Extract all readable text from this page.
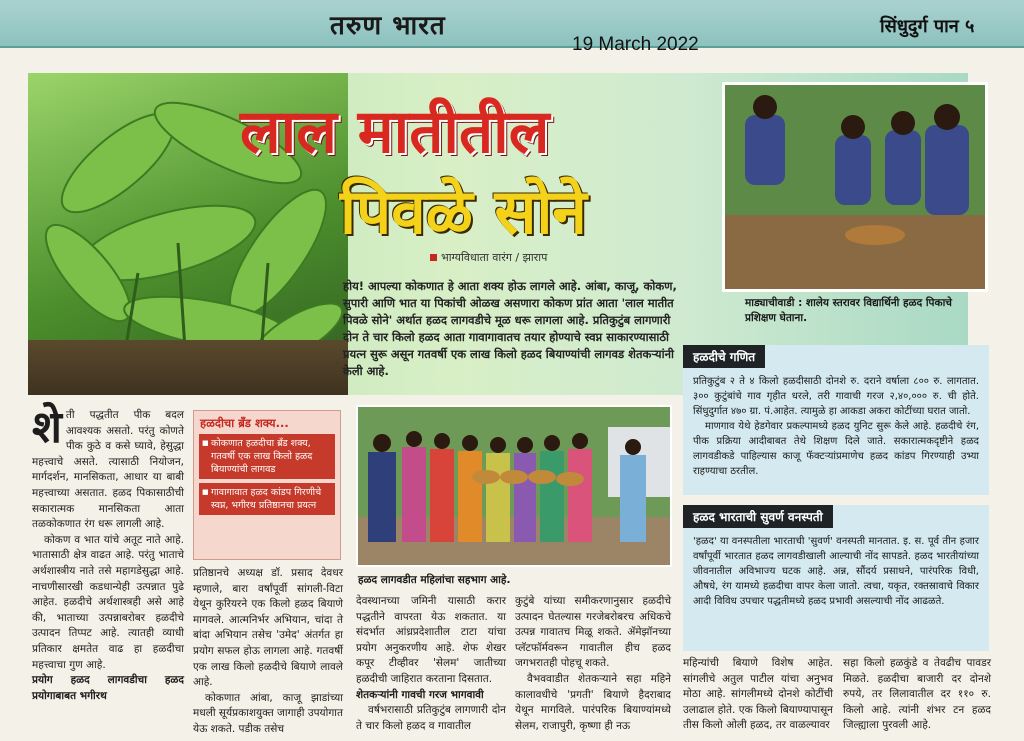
तरुण भारत
19 March 2022
सिंधुदुर्ग पान ५
लाल मातीतील
पिवळे सोने
भाग्यविधाता वारंग / झाराप
होय! आपल्या कोकणात हे आता शक्य होऊ लागले आहे. आंबा, काजू, कोकण, सुपारी आणि भात या पिकांची ओळख असणारा कोकण प्रांत आता 'लाल मातीत पिवळे सोने' अर्थात हळद लागवडीचे मूळ धरू लागला आहे. प्रतिकुटुंब लागणारी दोन ते चार किलो हळद आता गावागावातच तयार होण्याचे स्वप्न साकारण्यासाठी प्रयत्न सुरू असून गतवर्षी एक लाख किलो हळद बियाण्यांची लागवड शेतकऱ्यांनी केली आहे.
माड्याचीवाडी : शालेय स्तरावर विद्यार्थिनी हळद पिकाचे प्रशिक्षण घेताना.
शे ती पद्धतीत पीक बदल आवश्यक असतो. परंतु कोणते पीक कुठे व कसे घ्यावे, हेसुद्धा महत्त्वाचे असते. त्यासाठी नियोजन, मार्गदर्शन, मानसिकता, आधार या बाबी महत्त्वाच्या असतात. हळद पिकासाठीची सकारात्मक मानसिकता आता तळकोकणात रंग धरू लागली आहे.

कोकण व भात यांचे अतूट नाते आहे. भातासाठी क्षेत्र वाढत आहे. परंतु भाताचे अर्थशास्त्रीय नाते तसे महागडेसुद्धा आहे. नाचणीसारखी कडधान्येही उत्पन्नात पुढे आहेत. हळदीचे अर्थशास्त्रही असे आहे की, भाताच्या उत्पन्नाबरोबर हळदीचे उत्पादन तिप्पट आहे. त्यातही व्याधी प्रतिकार क्षमतेत वाढ हा हळदीचा महत्त्वाचा गुण आहे.

प्रयोग हळद लागवडीचा हळद प्रयोगाबाबत भगीरथ

हळदीचा ब्रँड शक्य...
■ कोकणात हळदीचा ब्रँड शक्य, गतवर्षी एक लाख किलो हळद बियाण्यांची लागवड
■ गावागावात हळद कांडप गिरणीचे स्वप्न, भगीरथ प्रतिष्ठानचा प्रयत्न

प्रतिष्ठानचे अध्यक्ष डॉ. प्रसाद देवधर म्हणाले, बारा वर्षांपूर्वी सांगली-विटा येथून कुरियरने एक किलो हळद बियाणे मागवले. आत्मनिर्भर अभियान, चांदा ते बांदा अभियान तसेच 'उमेद' अंतर्गत हा प्रयोग सफल होऊ लागला आहे. गतवर्षी एक लाख किलो हळदीचे बियाणे लावले आहे.

कोकणात आंबा, काजू झाडांच्या मधली सूर्यप्रकाशयुक्त जागाही उपयोगात येऊ शकते. पडीक तसेच

हळद लागवडीत महिलांचा सहभाग आहे.

देवस्थानच्या जमिनी यासाठी करार पद्धतीने वापरता येऊ शकतात. या संदर्भात आंध्रप्रदेशातील टाटा यांचा प्रयोग अनुकरणीय आहे. शेफ शेखर कपूर टीव्हीवर 'सेलम' जातीच्या हळदीची जाहिरात करताना दिसतात.

शेतकऱ्यांनी गावची गरज भागवावी

वर्षभरासाठी प्रतिकुटुंब लागणारी दोन ते चार किलो हळद व गावातील

कुटुंबे यांच्या समीकरणानुसार हळदीचे उत्पादन घेतल्यास गरजेबरोबरच अधिकचे उत्पन्न गावातच मिळू शकते. ॲमेझॉनच्या प्लॅटफॉर्मवरून गावातील हीच हळद जगभरातही पोहचू शकते.

वैभववाडीत शेतकऱ्याने सहा महिने कालावधीचे 'प्रगती' बियाणे हैदराबाद येथून मागविले. पारंपरिक बियाण्यांमध्ये सेलम, राजापुरी, कृष्णा ही नऊ

हळदीचे गणित

प्रतिकुटुंब २ ते ४ किलो हळदीसाठी दोनशे रु. दराने वर्षाला ८०० रु. लागतात. ३०० कुटुंबांचे गाव गृहीत धरले, तरी गावाची गरज २,४०,००० रु. ची होते. सिंधुदुर्गात ४७० ग्रा. पं.आहेत. त्यामुळे हा आकडा अकरा कोटींच्या घरात जातो.

माणगाव येथे हेडगेवार प्रकल्पामध्ये हळद युनिट सुरू केले आहे. हळदीचे रंग, पीक प्रक्रिया आदीबाबत तेथे शिक्षण दिले जाते. सकारात्मकदृष्टीने हळद लागवडीकडे पाहिल्यास काजू फॅक्टऱ्यांप्रमाणेच हळद कांडप गिरण्याही उभ्या राहण्याचा ठरतील.

हळद भारताची सुवर्ण वनस्पती
'हळद' या वनस्पतीला भारताची 'सुवर्ण' वनस्पती मानतात. इ. स. पूर्व तीन हजार वर्षांपूर्वी भारतात हळद लागवडीखाली आल्याची नोंद सापडते. हळद भारतीयांच्या जीवनातील अविभाज्य घटक आहे. अन्न, सौंदर्य प्रसाधने, पारंपरिक विधी, औषधे, रंग यामध्ये हळदीचा वापर केला जातो. त्वचा, यकृत, रक्तस्रावाचे विकार आदी विविध उपचार पद्धतीमध्ये हळद प्रभावी असल्याची नोंद आढळते.

महिन्यांची बियाणे विशेष आहेत. सांगलीचे अतुल पाटील यांचा अनुभव मोठा आहे. सांगलीमध्ये दोनशे कोटींची उलाढाल होते. एक किलो बियाण्यापासून तीस किलो ओली हळद, तर वाळल्यावर

सहा किलो हळकुंडे व तेवढीच पावडर मिळते. हळदीचा बाजारी दर दोनशे रुपये, तर लिलावातील दर ११० रु. किलो आहे. त्यांनी शंभर टन हळद जिल्ह्याला पुरवली आहे.
